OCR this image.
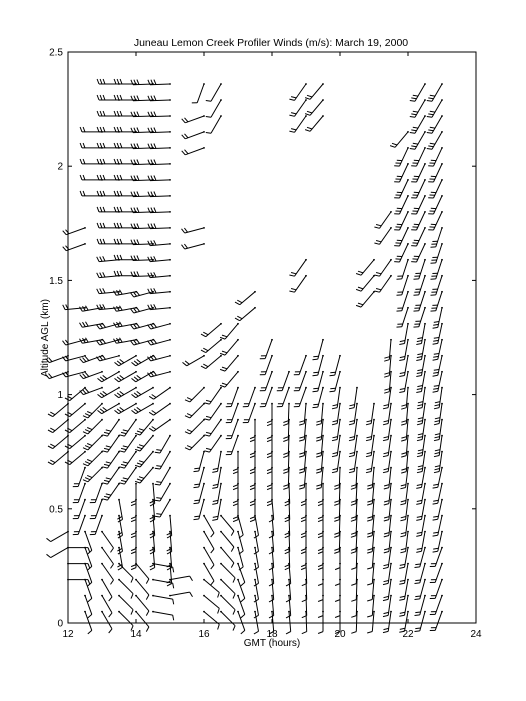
Juneau Lemon Creek Profiler Winds (m/s): March 19, 2000
12	14	16	18	20	22	24
0
0.5
1
1.5
2
2.5
GMT (hours)
Altitude AGL (km)
